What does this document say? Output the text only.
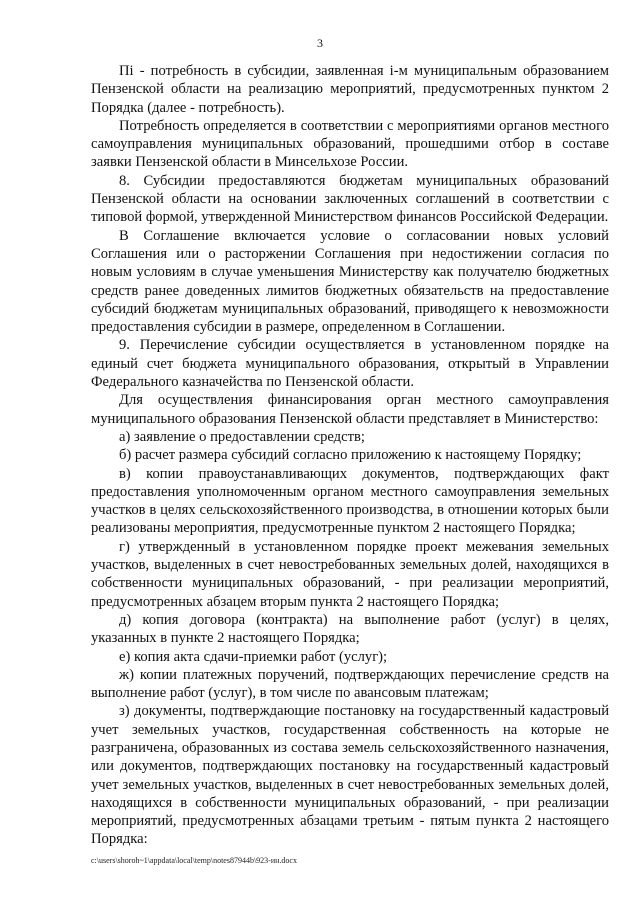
3

Пi - потребность в субсидии, заявленная i-м муниципальным образованием Пензенской области на реализацию мероприятий, предусмотренных пунктом 2 Порядка (далее - потребность).

Потребность определяется в соответствии с мероприятиями органов местного самоуправления муниципальных образований, прошедшими отбор в составе заявки Пензенской области в Минсельхозе России.

8. Субсидии предоставляются бюджетам муниципальных образований Пензенской области на основании заключенных соглашений в соответствии с типовой формой, утвержденной Министерством финансов Российской Федерации.

В Соглашение включается условие о согласовании новых условий Соглашения или о расторжении Соглашения при недостижении согласия по новым условиям в случае уменьшения Министерству как получателю бюджетных средств ранее доведенных лимитов бюджетных обязательств на предоставление субсидий бюджетам муниципальных образований, приводящего к невозможности предоставления субсидии в размере, определенном в Соглашении.

9. Перечисление субсидии осуществляется в установленном порядке на единый счет бюджета муниципального образования, открытый в Управлении Федерального казначейства по Пензенской области.

Для осуществления финансирования орган местного самоуправления муниципального образования Пензенской области представляет в Министерство:

а) заявление о предоставлении средств;

б) расчет размера субсидий согласно приложению к настоящему Порядку;

в) копии правоустанавливающих документов, подтверждающих факт предоставления уполномоченным органом местного самоуправления земельных участков в целях сельскохозяйственного производства, в отношении которых были реализованы мероприятия, предусмотренные пунктом 2 настоящего Порядка;

г) утвержденный в установленном порядке проект межевания земельных участков, выделенных в счет невостребованных земельных долей, находящихся в собственности муниципальных образований, - при реализации мероприятий, предусмотренных абзацем вторым пункта 2 настоящего Порядка;

д) копия договора (контракта) на выполнение работ (услуг) в целях, указанных в пункте 2 настоящего Порядка;

е) копия акта сдачи-приемки работ (услуг);

ж) копии платежных поручений, подтверждающих перечисление средств на выполнение работ (услуг), в том числе по авансовым платежам;

з) документы, подтверждающие постановку на государственный кадастровый учет земельных участков, государственная собственность на которые не разграничена, образованных из состава земель сельскохозяйственного назначения, или документов, подтверждающих постановку на государственный кадастровый учет земельных участков, выделенных в счет невостребованных земельных долей, находящихся в собственности муниципальных образований, - при реализации мероприятий, предусмотренных абзацами третьим - пятым пункта 2 настоящего Порядка:

c:\users\shoroh~1\appdata\local\temp\notes87944b\923-ин.docx
